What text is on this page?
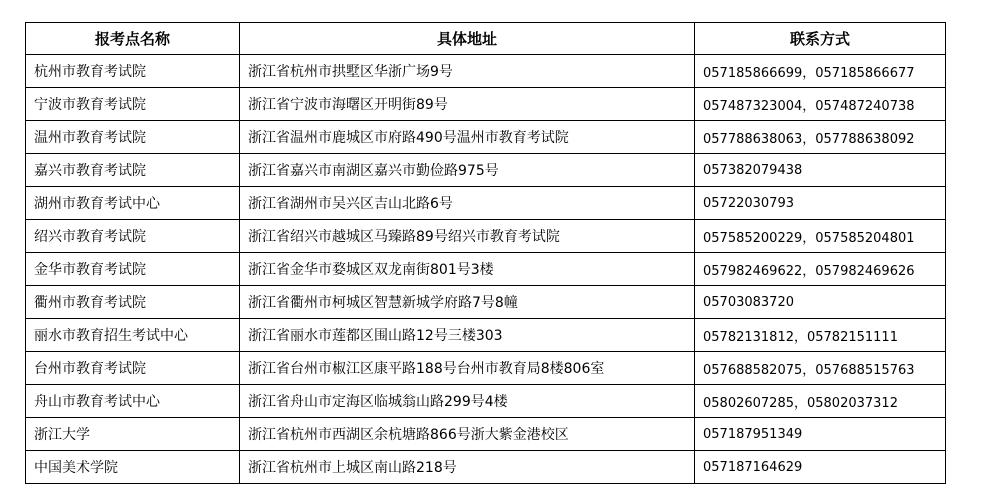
报考点名称	具体地址	联系方式
杭州市教育考试院	浙江省杭州市拱墅区华浙广场9号	057185866699，057185866677
宁波市教育考试院	浙江省宁波市海曙区开明街89号	057487323004，057487240738
温州市教育考试院	浙江省温州市鹿城区市府路490号温州市教育考试院	057788638063，057788638092
嘉兴市教育考试院	浙江省嘉兴市南湖区嘉兴市勤俭路975号	057382079438
湖州市教育考试中心	浙江省湖州市吴兴区吉山北路6号	05722030793
绍兴市教育考试院	浙江省绍兴市越城区马臻路89号绍兴市教育考试院	057585200229，057585204801
金华市教育考试院	浙江省金华市婺城区双龙南街801号3楼	057982469622，057982469626
衢州市教育考试院	浙江省衢州市柯城区智慧新城学府路7号8幢	05703083720
丽水市教育招生考试中心	浙江省丽水市莲都区围山路12号三楼303	05782131812，05782151111
台州市教育考试院	浙江省台州市椒江区康平路188号台州市教育局8楼806室	057688582075，057688515763
舟山市教育考试中心	浙江省舟山市定海区临城翁山路299号4楼	05802607285，05802037312
浙江大学	浙江省杭州市西湖区余杭塘路866号浙大紫金港校区	057187951349
中国美术学院	浙江省杭州市上城区南山路218号	057187164629
